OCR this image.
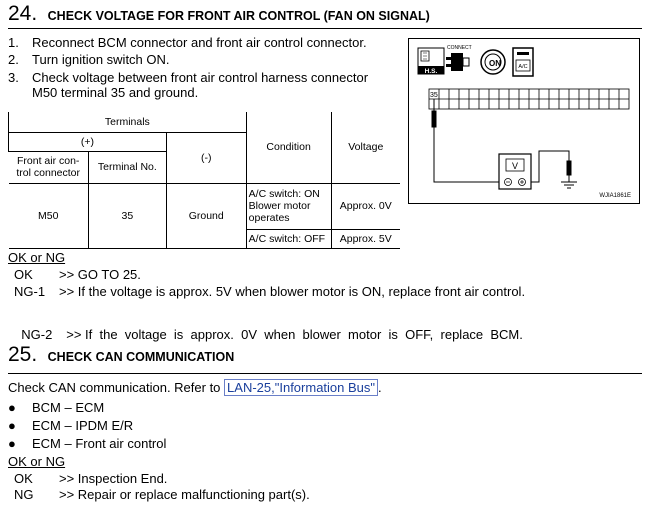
24. CHECK VOLTAGE FOR FRONT AIR CONTROL (FAN ON SIGNAL)
1. Reconnect BCM connector and front air control connector.
2. Turn ignition switch ON.
3. Check voltage between front air control harness connector M50 terminal 35 and ground.
Terminals			Condition	Voltage
(+)		(-)		
Front air con-trol connector	Terminal No.			
M50	35	Ground	A/C switch: ON Blower motor operates	Approx. 0V
			A/C switch: OFF	Approx. 5V
H.S.
CONNECT
ON	A/C
35
V
WJIA1861E
OK or NG
OK >> GO TO 25.
NG-1 >> If the voltage is approx. 5V when blower motor is ON, replace front air control.

NG-2 >> If  the  voltage  is  approx.  0V  when  blower  motor  is  OFF,  replace  BCM.

25. CHECK CAN COMMUNICATION
Check CAN communication. Refer to LAN-25,"Information Bus" .
● BCM – ECM
● ECM – IPDM E/R
● ECM – Front air control
OK or NG
OK >> Inspection End.
NG >> Repair or replace malfunctioning part(s).
